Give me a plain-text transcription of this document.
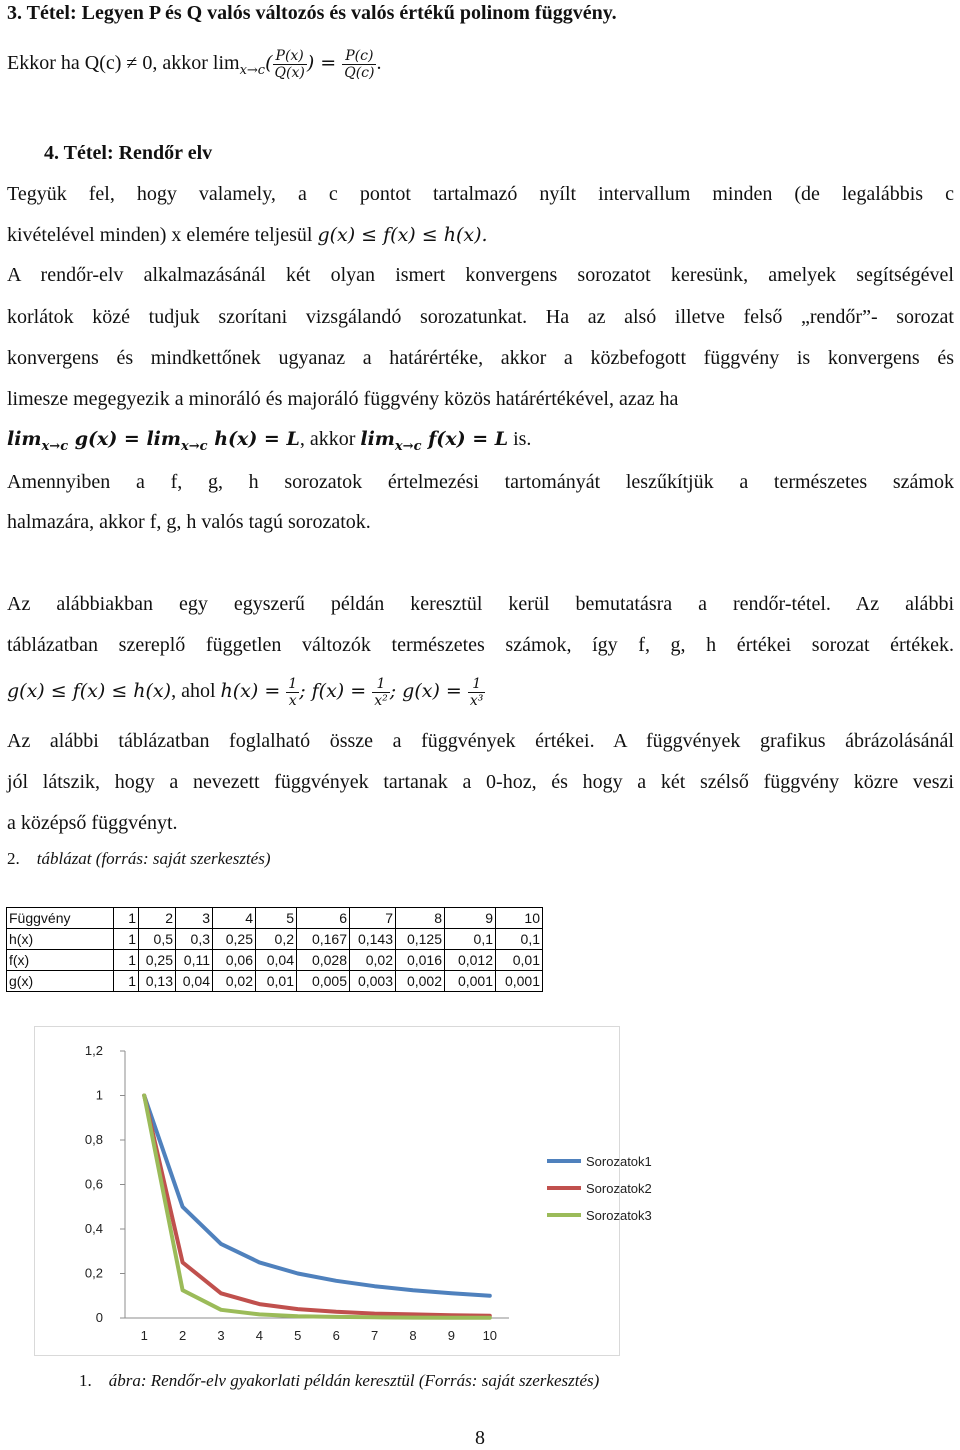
3. Tétel: Legyen P és Q valós változós és valós értékű polinom függvény.
Ekkor ha Q(c) ≠ 0, akkor $\lim_{𝑥\to c}( \frac{\text{𝑃(𝑥)}}{\text{𝑄(𝑥)}}$ ) = $\frac{\text{𝑃(𝑐)}}{\text{𝑄(𝑐)}}$ .
4. Tétel: Rendőr elv
Tegyük fel, hogy valamely, a c pontot tartalmazó nyílt intervallum minden (de legalábbis c
kivételével minden) x elemére teljesül 𝑔(𝑥) ≤ 𝑓(𝑥) ≤ ℎ(𝑥).
A rendőr-elv alkalmazásánál két olyan ismert konvergens sorozatot keresünk, amelyek segítségével
korlátok közé tudjuk szorítani vizsgálandó sorozatunkat. Ha az alsó illetve felső „rendőr”- sorozat
konvergens és mindkettőnek ugyanaz a határértéke, akkor a közbefogott függvény is konvergens és
limesze megegyezik a minoráló és majoráló függvény közös határértékével, azaz ha
𝒍𝒊𝒎$_{𝒙\to 𝒄}$ 𝒈(𝒙) = 𝒍𝒊𝒎$_{𝒙\to 𝒄}$ 𝒉(𝒙) = 𝑳, akkor 𝒍𝒊𝒎$_{𝒙\to 𝒄}$ 𝒇(𝒙) = 𝑳 is.
Amennyiben a f, g, h sorozatok értelmezési tartományát leszűkítjük a természetes számok
halmazára, akkor f, g, h valós tagú sorozatok.
Az alábbiakban egy egyszerű példán keresztül kerül bemutatásra a rendőr-tétel. Az alábbi
táblázatban szereplő független változók természetes számok, így f, g, h értékei sorozat értékek.
𝑔(𝑥) ≤ 𝑓(𝑥) ≤ ℎ(𝑥), ahol ℎ(𝑥) = $\frac{1}{\text{𝑥}}$ ; 𝑓(𝑥) = $\frac{1}{\text{𝑥²}}$ ; 𝑔(𝑥) = $\frac{1}{\text{𝑥³}}$
Az alábbi táblázatban foglalható össze a függvények értékei. A függvények grafikus ábrázolásánál
jól látszik, hogy a nevezett függvények tartanak a 0-hoz, és hogy a két szélső függvény közre veszi
a középső függvényt.
2. táblázat (forrás: saját szerkesztés)
Függvény	1	2	3	4	5	6	7	8	9	10
h(x)	1	0,5	0,3	0,25	0,2	0,167	0,143	0,125	0,1	0,1
f(x)	1	0,25	0,11	0,06	0,04	0,028	0,02	0,016	0,012	0,01
g(x)	1	0,13	0,04	0,02	0,01	0,005	0,003	0,002	0,001	0,001
0
0,2
0,4
0,6
0,8
1
1,2
1 2 3 4 5 6 7 8 9 10
Sorozatok1
Sorozatok2
Sorozatok3
1. ábra: Rendőr-elv gyakorlati példán keresztül (Forrás: saját szerkesztés)
8
